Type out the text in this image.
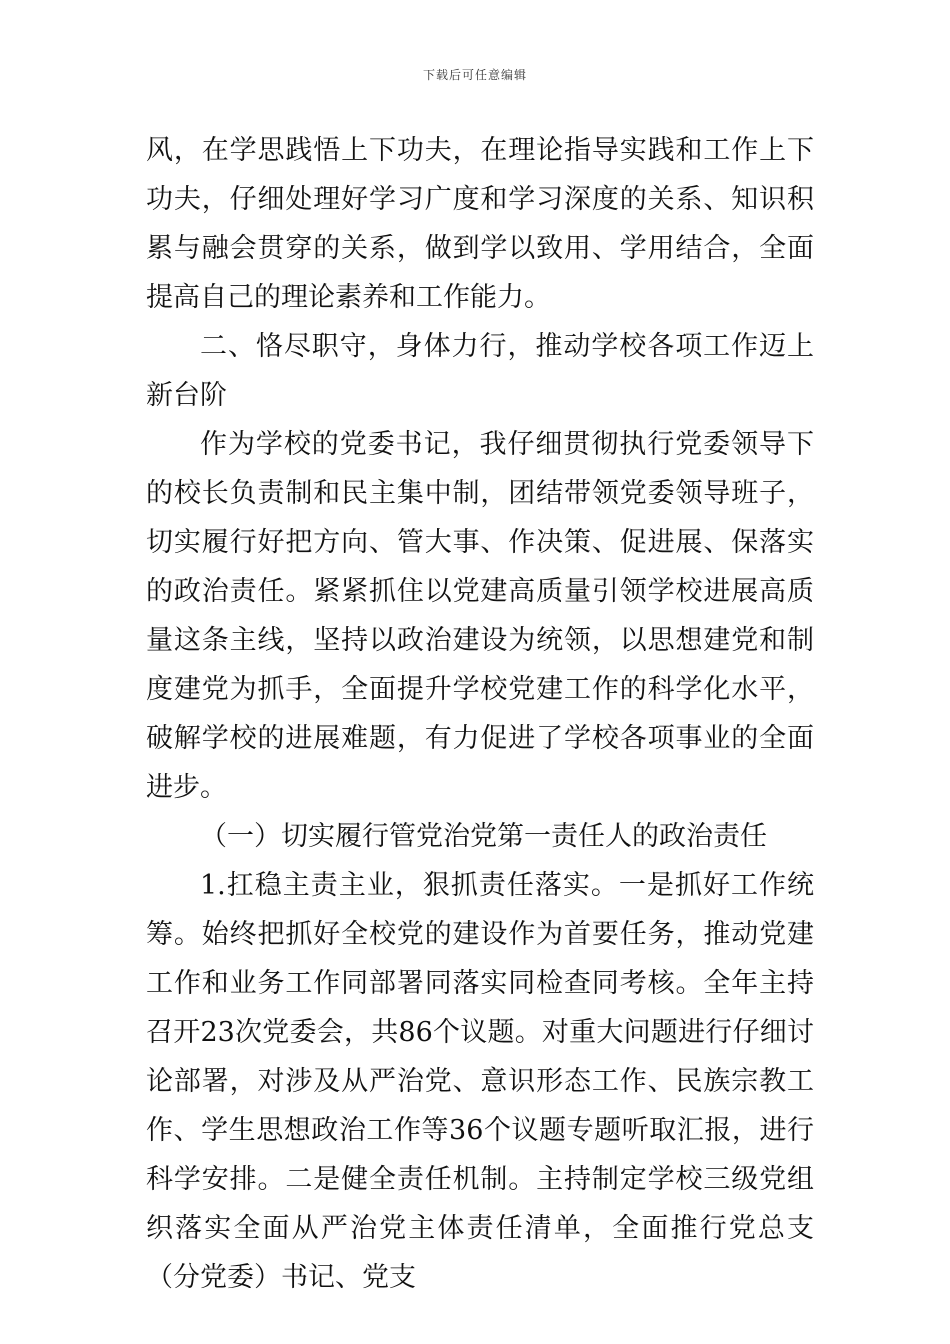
下载后可任意编辑

风，在学思践悟上下功夫，在理论指导实践和工作上下功夫，仔细处理好学习广度和学习深度的关系、知识积累与融会贯穿的关系，做到学以致用、学用结合，全面提高自己的理论素养和工作能力。

二、恪尽职守，身体力行，推动学校各项工作迈上新台阶

作为学校的党委书记，我仔细贯彻执行党委领导下的校长负责制和民主集中制，团结带领党委领导班子，切实履行好把方向、管大事、作决策、促进展、保落实的政治责任。紧紧抓住以党建高质量引领学校进展高质量这条主线，坚持以政治建设为统领，以思想建党和制度建党为抓手，全面提升学校党建工作的科学化水平，破解学校的进展难题，有力促进了学校各项事业的全面进步。

（一）切实履行管党治党第一责任人的政治责任

1.扛稳主责主业，狠抓责任落实。一是抓好工作统筹。始终把抓好全校党的建设作为首要任务，推动党建工作和业务工作同部署同落实同检查同考核。全年主持召开23次党委会，共86个议题。对重大问题进行仔细讨论部署，对涉及从严治党、意识形态工作、民族宗教工作、学生思想政治工作等36个议题专题听取汇报，进行科学安排。二是健全责任机制。主持制定学校三级党组织落实全面从严治党主体责任清单，全面推行党总支（分党委）书记、党支
